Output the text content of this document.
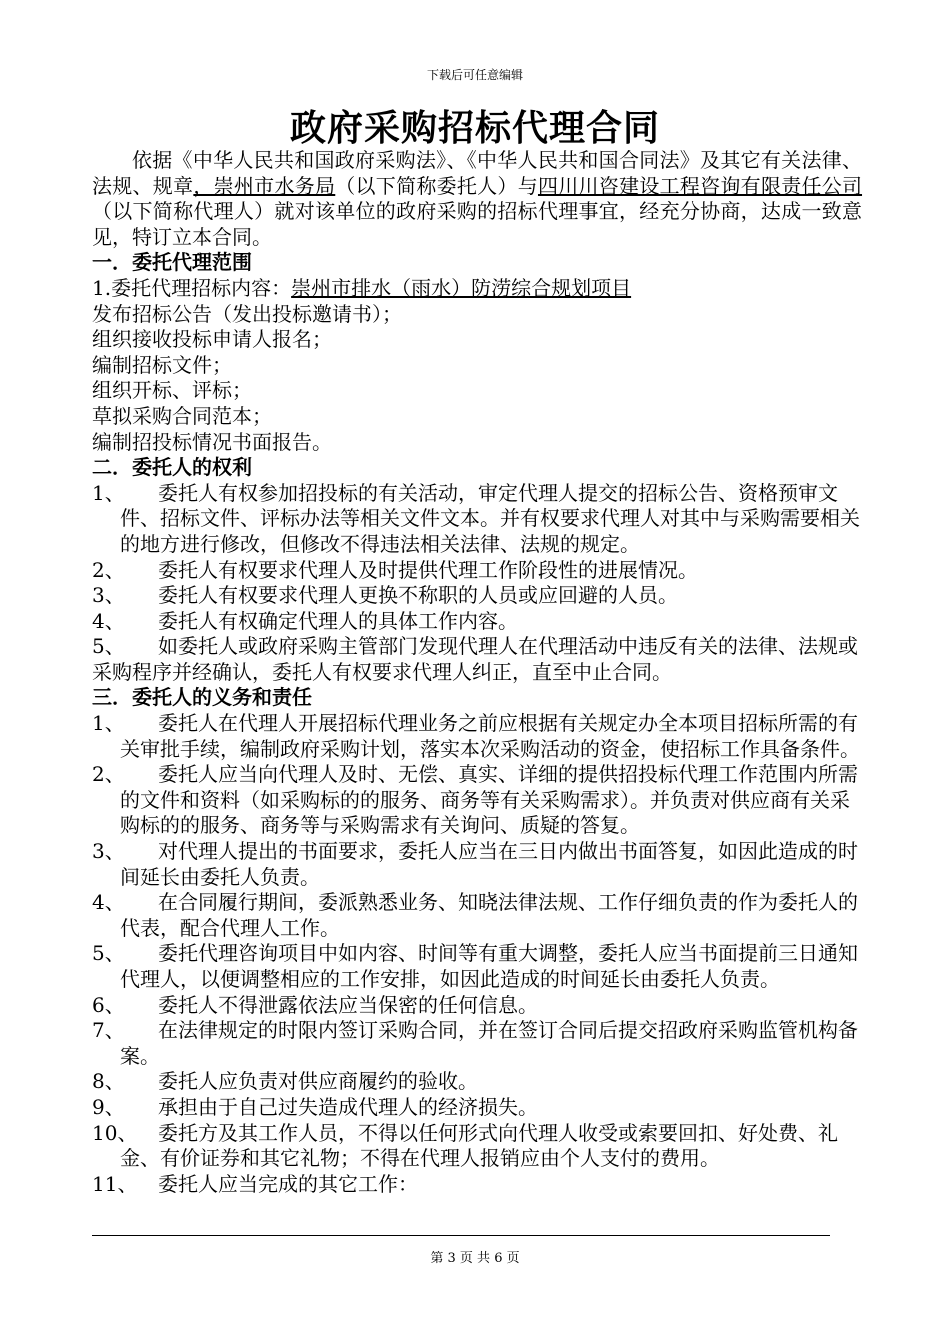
下载后可任意编辑
政府采购招标代理合同

依据《中华人民共和国政府采购法》、《中华人民共和国合同法》及其它有关法律、法规、规章，崇州市水务局（以下简称委托人）与四川川咨建设工程咨询有限责任公司（以下简称代理人）就对该单位的政府采购的招标代理事宜，经充分协商，达成一致意见，特订立本合同。

一．委托代理范围
1.委托代理招标内容：崇州市排水（雨水）防涝综合规划项目
发布招标公告（发出投标邀请书）；
组织接收投标申请人报名；
编制招标文件；
组织开标、评标；
草拟采购合同范本；
编制招投标情况书面报告。
二．委托人的权利
1、 委托人有权参加招投标的有关活动，审定代理人提交的招标公告、资格预审文件、招标文件、评标办法等相关文件文本。并有权要求代理人对其中与采购需要相关的地方进行修改，但修改不得违法相关法律、法规的规定。
2、	委托人有权要求代理人及时提供代理工作阶段性的进展情况。
3、	委托人有权要求代理人更换不称职的人员或应回避的人员。
4、	委托人有权确定代理人的具体工作内容。
5、 如委托人或政府采购主管部门发现代理人在代理活动中违反有关的法律、法规或采购程序并经确认，委托人有权要求代理人纠正，直至中止合同。
三．委托人的义务和责任
1、 委托人在代理人开展招标代理业务之前应根据有关规定办全本项目招标所需的有关审批手续，编制政府采购计划，落实本次采购活动的资金，使招标工作具备条件。
2、 委托人应当向代理人及时、无偿、真实、详细的提供招投标代理工作范围内所需的文件和资料（如采购标的的服务、商务等有关采购需求）。并负责对供应商有关采购标的的服务、商务等与采购需求有关询问、质疑的答复。
3、 对代理人提出的书面要求，委托人应当在三日内做出书面答复，如因此造成的时间延长由委托人负责。
4、 在合同履行期间，委派熟悉业务、知晓法律法规、工作仔细负责的作为委托人的代表，配合代理人工作。
5、 委托代理咨询项目中如内容、时间等有重大调整，委托人应当书面提前三日通知代理人，以便调整相应的工作安排，如因此造成的时间延长由委托人负责。
6、	委托人不得泄露依法应当保密的任何信息。
7、 在法律规定的时限内签订采购合同，并在签订合同后提交招政府采购监管机构备案。
8、	委托人应负责对供应商履约的验收。
9、	承担由于自己过失造成代理人的经济损失。
10、 委托方及其工作人员，不得以任何形式向代理人收受或索要回扣、好处费、礼金、有价证券和其它礼物；不得在代理人报销应由个人支付的费用。
11、	委托人应当完成的其它工作：
第 3 页 共 6 页
